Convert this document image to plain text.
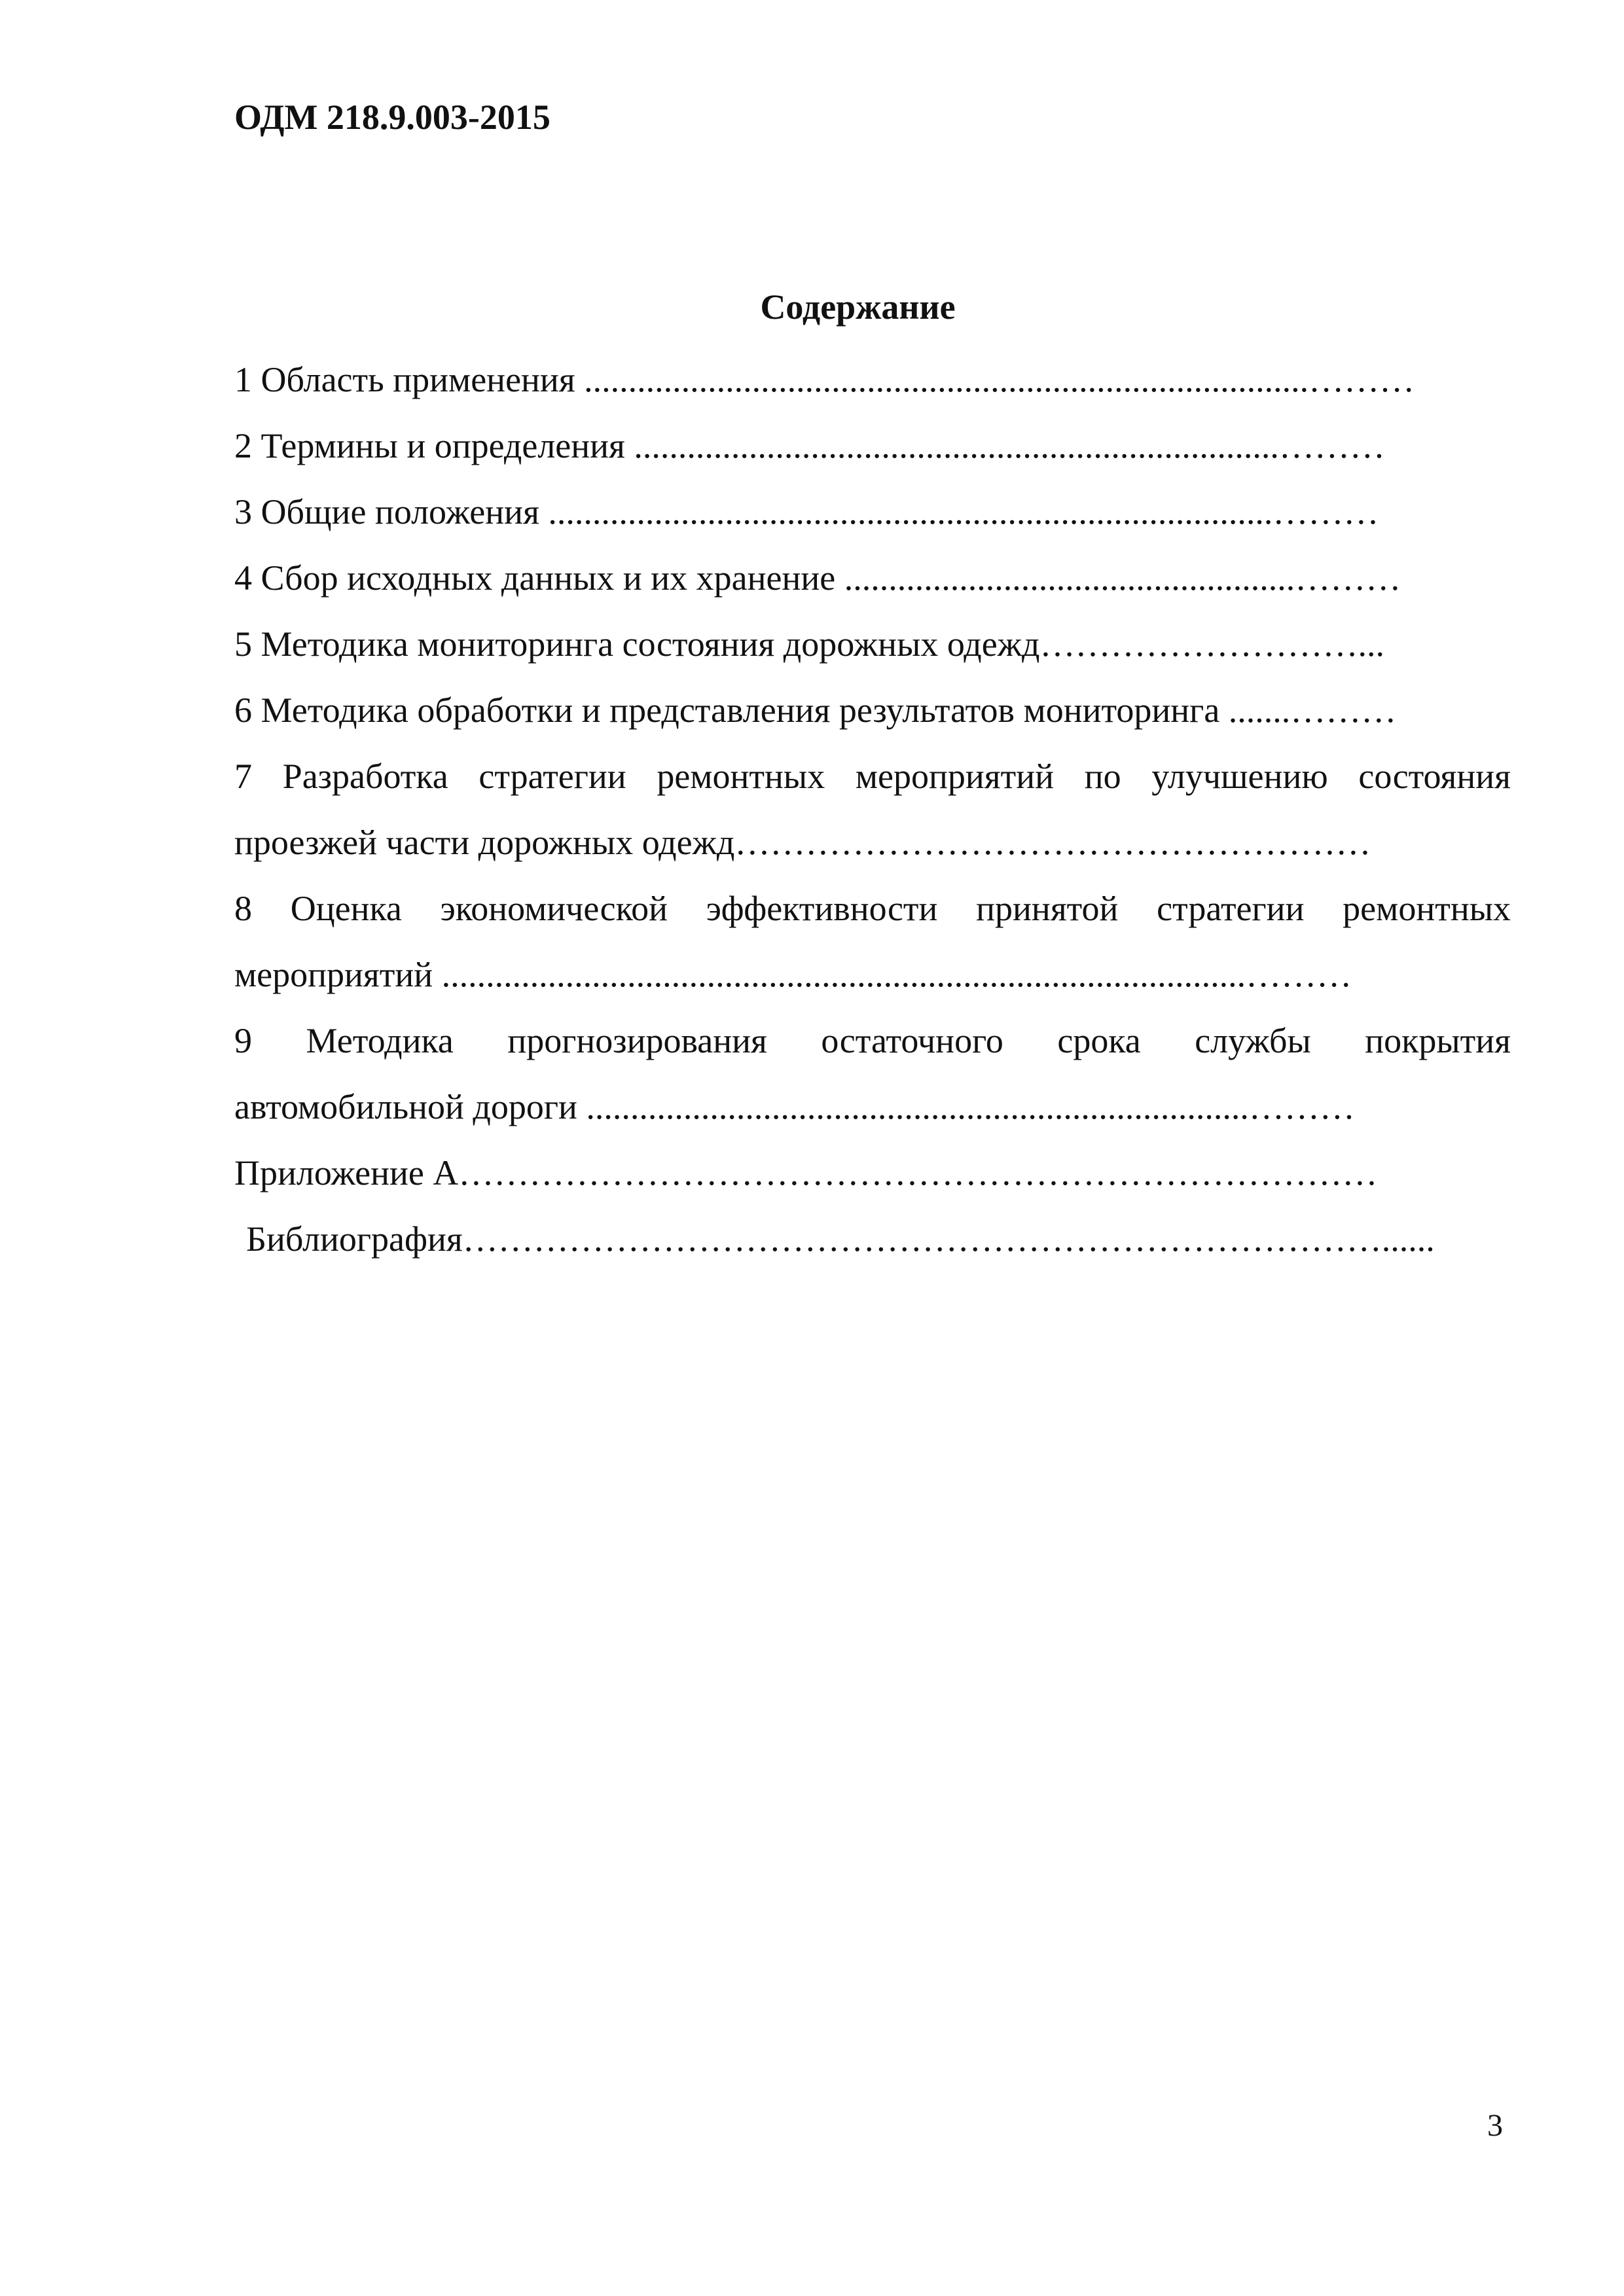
ОДМ 218.9.003-2015
Содержание
1 Область применения ..................................................................................………
2 Термины и определения .........................................................................………
3 Общие положения ..................................................................................………
4 Сбор исходных данных и их хранение ...................................................………
5 Методика мониторинга состояния дорожных одежд………………………...
6 Методика обработки и представления результатов мониторинга .......………
7 Разработка стратегии ремонтных мероприятий по улучшению состояния
проезжей части дорожных одежд………………………………………………
8 Оценка экономической эффективности принятой стратегии ремонтных
мероприятий ...........................................................................................………
9 Методика прогнозирования остаточного срока службы покрытия
автомобильной дороги ...........................................................................………
Приложение А……………………………………………………………………
Библиография……………………………………………………………………......
3
